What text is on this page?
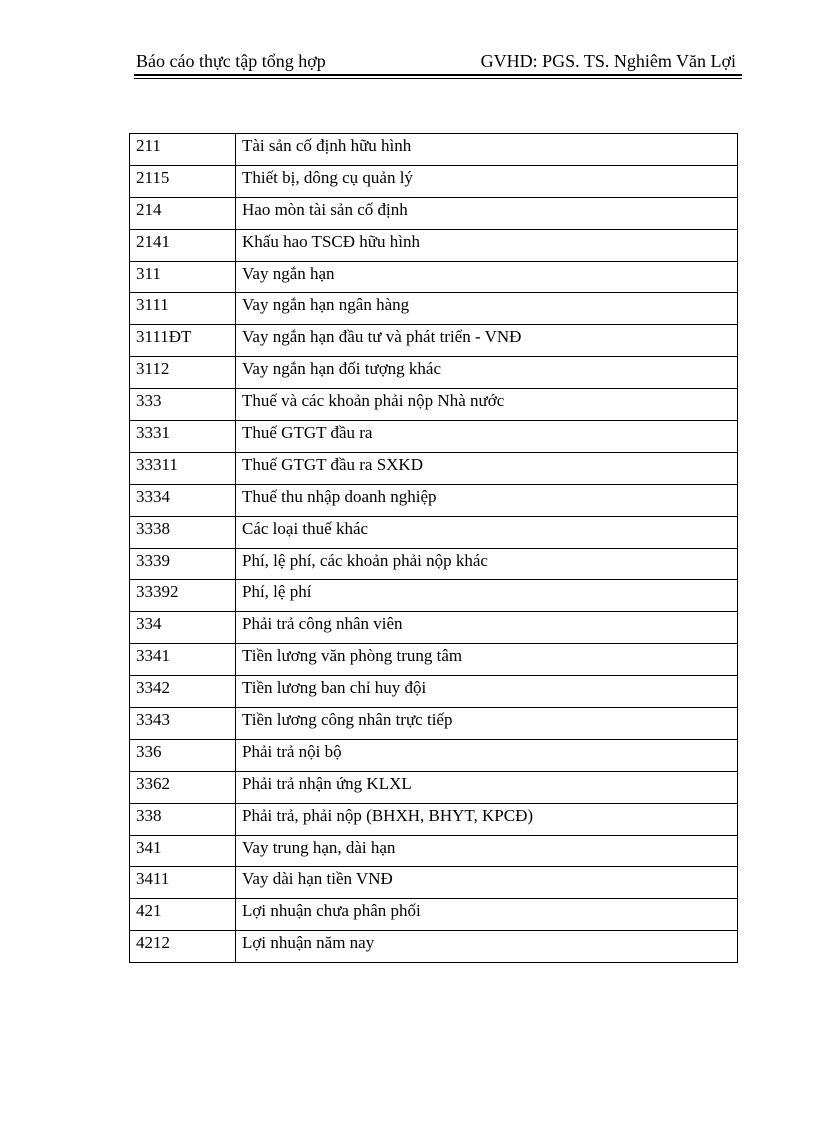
Báo cáo thực tập tổng hợp	GVHD: PGS. TS. Nghiêm Văn Lợi
211	Tài sản cố định hữu hình
2115	Thiết bị, dông cụ quản lý
214	Hao mòn tài sản cố định
2141	Khấu hao TSCĐ hữu hình
311	Vay ngắn hạn
3111	Vay ngắn hạn ngân hàng
3111ĐT	Vay ngắn hạn đầu tư và phát triển - VNĐ
3112	Vay ngắn hạn đối tượng khác
333	Thuế và các khoản phải nộp Nhà nước
3331	Thuế GTGT đầu ra
33311	Thuế GTGT đầu ra SXKD
3334	Thuế thu nhập doanh nghiệp
3338	Các loại thuế khác
3339	Phí, lệ phí, các khoản phải nộp khác
33392	Phí, lệ phí
334	Phải trả công nhân viên
3341	Tiền lương văn phòng trung tâm
3342	Tiền lương ban chỉ huy đội
3343	Tiền lương công nhân trực tiếp
336	Phải trả nội bộ
3362	Phải trả nhận ứng KLXL
338	Phải trả, phải nộp (BHXH, BHYT, KPCĐ)
341	Vay trung hạn, dài hạn
3411	Vay dài hạn tiền VNĐ
421	Lợi nhuận chưa phân phối
4212	Lợi nhuận năm nay
